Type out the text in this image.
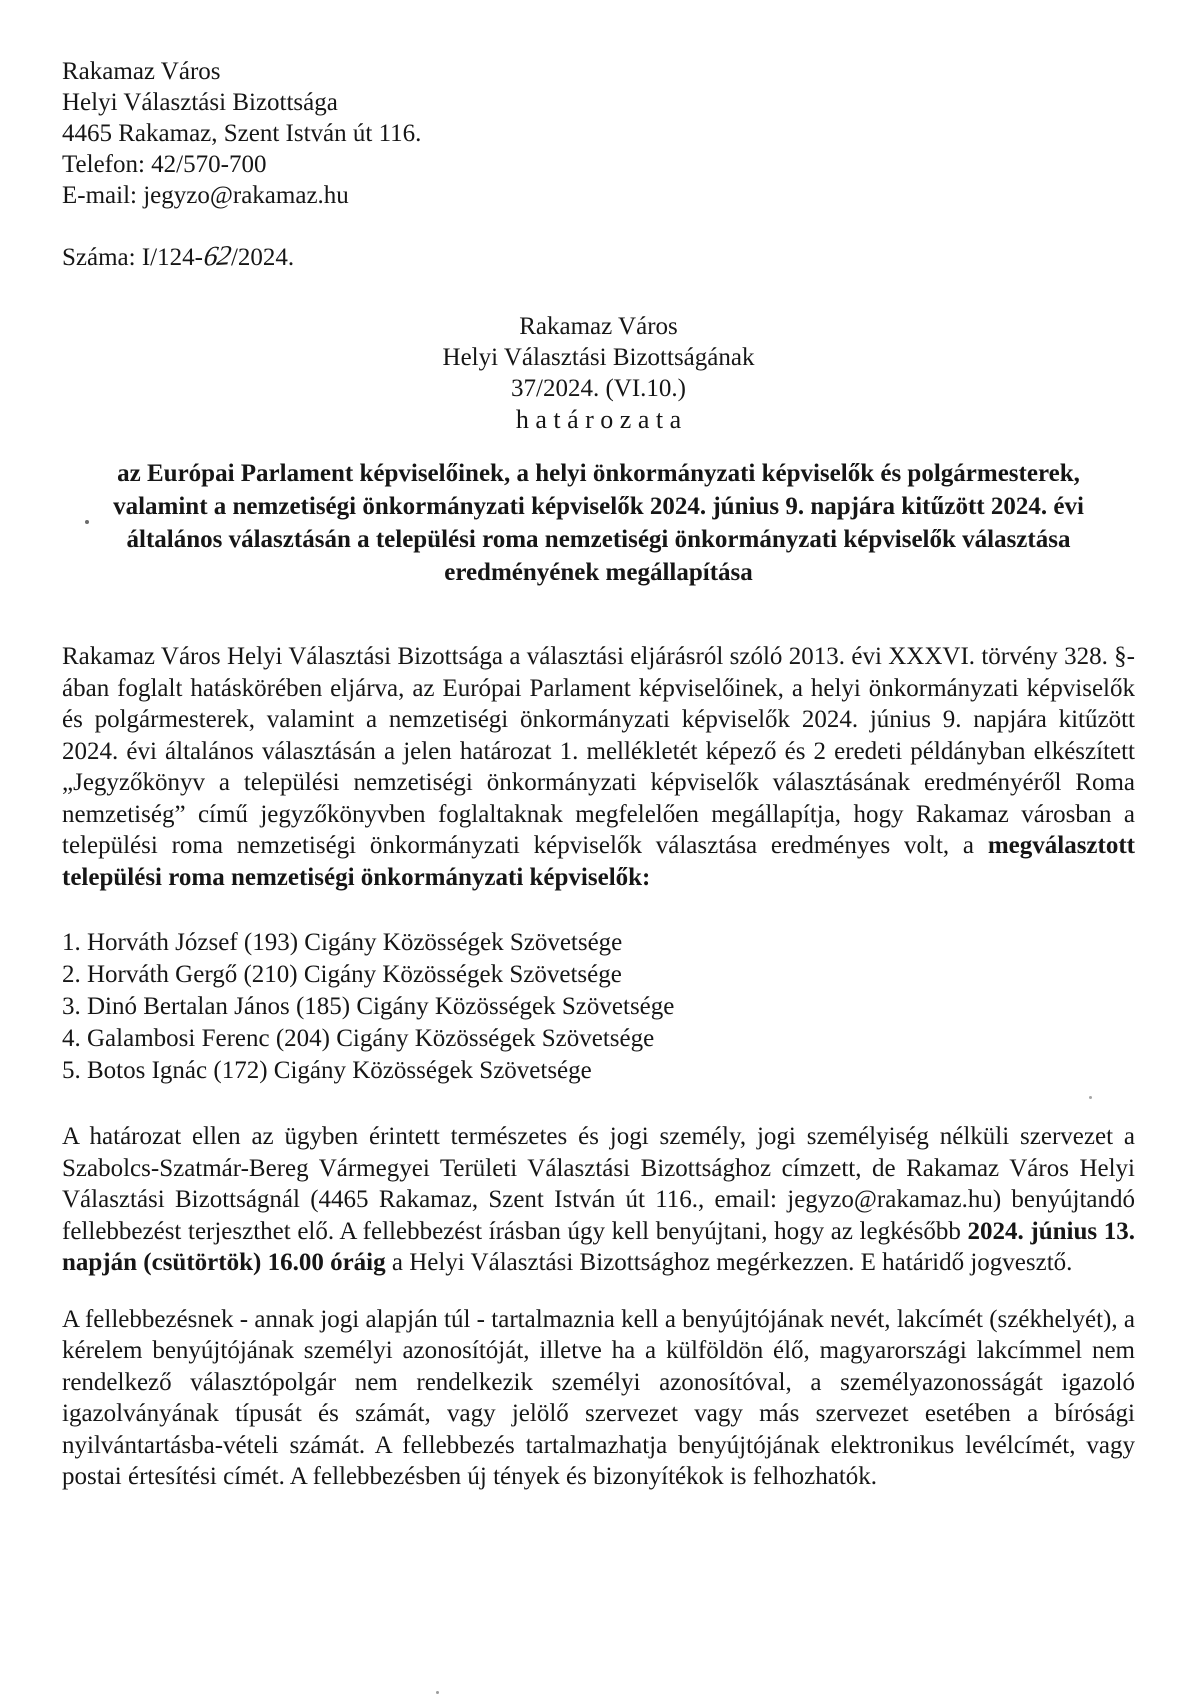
Rakamaz Város
Helyi Választási Bizottsága
4465 Rakamaz, Szent István út 116.
Telefon: 42/570-700
E-mail: jegyzo@rakamaz.hu
Száma: I/124-62/2024.
Rakamaz Város
Helyi Választási Bizottságának
37/2024. (VI.10.)
h a t á r o z a t a
az Európai Parlament képviselőinek, a helyi önkormányzati képviselők és polgármesterek, valamint a nemzetiségi önkormányzati képviselők 2024. június 9. napjára kitűzött 2024. évi általános választásán a települési roma nemzetiségi önkormányzati képviselők választása eredményének megállapítása

Rakamaz Város Helyi Választási Bizottsága a választási eljárásról szóló 2013. évi XXXVI. törvény 328. §-ában foglalt hatáskörében eljárva, az Európai Parlament képviselőinek, a helyi önkormányzati képviselők és polgármesterek, valamint a nemzetiségi önkormányzati képviselők 2024. június 9. napjára kitűzött 2024. évi általános választásán a jelen határozat 1. mellékletét képező és 2 eredeti példányban elkészített „Jegyzőkönyv a települési nemzetiségi önkormányzati képviselők választásának eredményéről Roma nemzetiség” című jegyzőkönyvben foglaltaknak megfelelően megállapítja, hogy Rakamaz városban a települési roma nemzetiségi önkormányzati képviselők választása eredményes volt, a megválasztott települési roma nemzetiségi önkormányzati képviselők:

1. Horváth József (193) Cigány Közösségek Szövetsége
2. Horváth Gergő (210) Cigány Közösségek Szövetsége
3. Dinó Bertalan János (185) Cigány Közösségek Szövetsége
4. Galambosi Ferenc (204) Cigány Közösségek Szövetsége
5. Botos Ignác (172) Cigány Közösségek Szövetsége

A határozat ellen az ügyben érintett természetes és jogi személy, jogi személyiség nélküli szervezet a Szabolcs-Szatmár-Bereg Vármegyei Területi Választási Bizottsághoz címzett, de Rakamaz Város Helyi Választási Bizottságnál (4465 Rakamaz, Szent István út 116., email: jegyzo@rakamaz.hu) benyújtandó fellebbezést terjeszthet elő. A fellebbezést írásban úgy kell benyújtani, hogy az legkésőbb 2024. június 13. napján (csütörtök) 16.00 óráig a Helyi Választási Bizottsághoz megérkezzen. E határidő jogvesztő.

A fellebbezésnek - annak jogi alapján túl - tartalmaznia kell a benyújtójának nevét, lakcímét (székhelyét), a kérelem benyújtójának személyi azonosítóját, illetve ha a külföldön élő, magyarországi lakcímmel nem rendelkező választópolgár nem rendelkezik személyi azonosítóval, a személyazonosságát igazoló igazolványának típusát és számát, vagy jelölő szervezet vagy más szervezet esetében a bírósági nyilvántartásba-vételi számát. A fellebbezés tartalmazhatja benyújtójának elektronikus levélcímét, vagy postai értesítési címét. A fellebbezésben új tények és bizonyítékok is felhozhatók.
